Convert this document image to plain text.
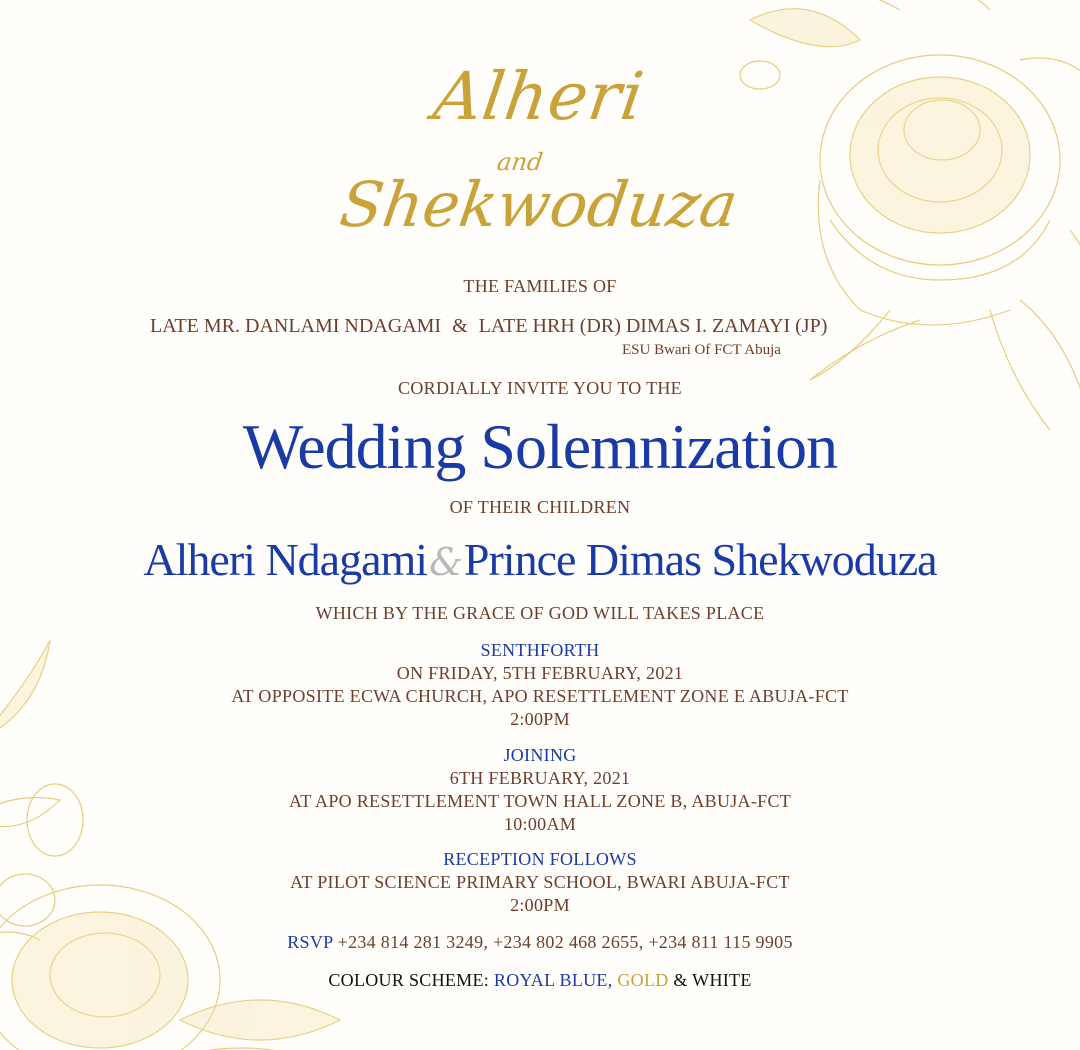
Alheri
and
Shekwoduza
THE FAMILIES OF
LATE MR. DANLAMI NDAGAMI & LATE HRH (DR) DIMAS I. ZAMAYI (JP)
ESU Bwari Of FCT Abuja
CORDIALLY INVITE YOU TO THE
Wedding Solemnization
OF THEIR CHILDREN
Alheri Ndagami&Prince Dimas Shekwoduza
WHICH BY THE GRACE OF GOD WILL TAKES PLACE
SENTHFORTH
ON FRIDAY, 5TH FEBRUARY, 2021
AT OPPOSITE ECWA CHURCH, APO RESETTLEMENT ZONE E ABUJA-FCT
2:00PM
JOINING
6TH FEBRUARY, 2021
AT APO RESETTLEMENT TOWN HALL ZONE B, ABUJA-FCT
10:00AM
RECEPTION FOLLOWS
AT PILOT SCIENCE PRIMARY SCHOOL, BWARI ABUJA-FCT
2:00PM
RSVP +234 814 281 3249, +234 802 468 2655, +234 811 115 9905
COLOUR SCHEME: ROYAL BLUE, GOLD & WHITE
